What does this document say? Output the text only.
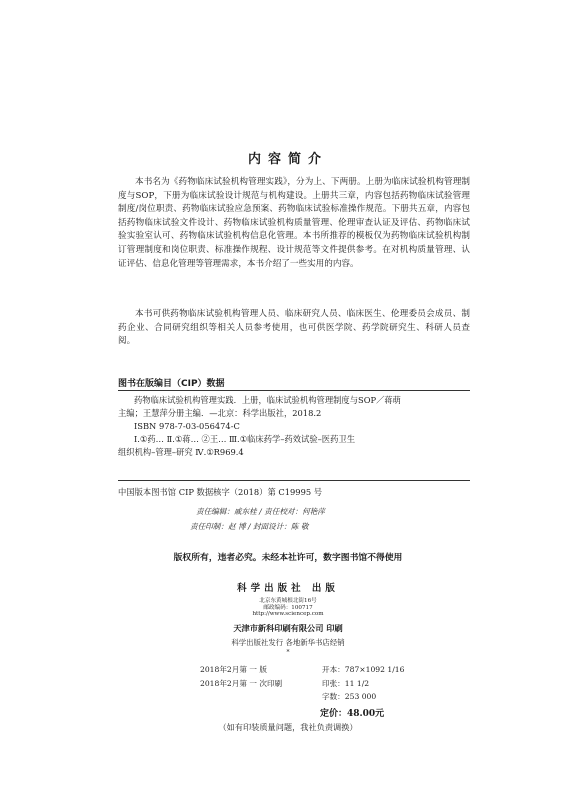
内容简介

本书名为《药物临床试验机构管理实践》，分为上、下两册。上册为临床试验机构管理制度与SOP，下册为临床试验设计规范与机构建设。上册共三章，内容包括药物临床试验管理制度/岗位职责、药物临床试验应急预案、药物临床试验标准操作规范。下册共五章，内容包括药物临床试验文件设计、药物临床试验机构质量管理、伦理审查认证及评估、药物临床试验实验室认可、药物临床试验机构信息化管理。本书所推荐的模板仅为药物临床试验机构制订管理制度和岗位职责、标准操作规程、设计规范等文件提供参考。在对机构质量管理、认证评估、信息化管理等管理需求，本书介绍了一些实用的内容。

本书可供药物临床试验机构管理人员、临床研究人员、临床医生、伦理委员会成员、制药企业、合同研究组织等相关人员参考使用，也可供医学院、药学院研究生、科研人员查阅。

图书在版编目（CIP）数据
药物临床试验机构管理实践．上册，临床试验机构管理制度与SOP／蒋萌
主编；王慧萍分册主编．—北京：科学出版社，2018.2
ISBN 978-7-03-056474-C
Ⅰ.①药… Ⅱ.①蒋… ②王… Ⅲ.①临床药学–药效试验–医药卫生
组织机构–管理–研究 Ⅳ.①R969.4
中国版本图书馆 CIP 数据核字（2018）第 C19995 号
责任编辑：戚东桂 / 责任校对：何艳萍
责任印制：赵 博 / 封面设计：陈 敬
版权所有，违者必究。未经本社许可，数字图书馆不得使用
科学出版社 出版
北京东黄城根北街16号
邮政编码：100717
http://www.sciencep.com
天津市新科印刷有限公司 印刷
科学出版社发行 各地新华书店经销
*
2018年2月第 一 版	开本：787×1092 1/16
2018年2月第 一 次印刷	印张：11 1/2
字数：253 000
定价：48.00元
（如有印装质量问题，我社负责调换）
